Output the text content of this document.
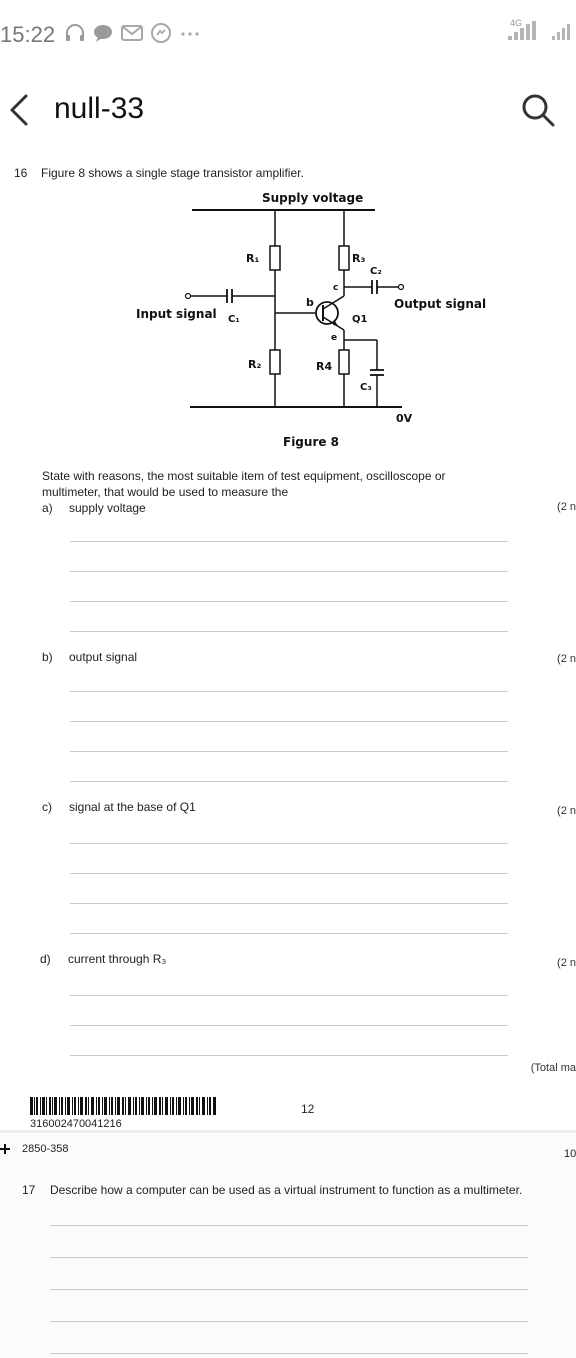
15:22	4G
null-33
16 Figure 8 shows a single stage transistor amplifier.
Supply voltage
R₁
R₂
Input signal C₁
b
Q1
c
e
R₃
C₂
Output signal
R4
C₃
0V
Figure 8
State with reasons, the most suitable item of test equipment, oscilloscope or
multimeter, that would be used to measure the
a) supply voltage	(2 n
b) output signal	(2 n
c) signal at the base of Q1	(2 n
d) current through R₃	(2 n
(Total ma
316002470041216
12
2850-358	10
17 Describe how a computer can be used as a virtual instrument to function as a multimeter.
